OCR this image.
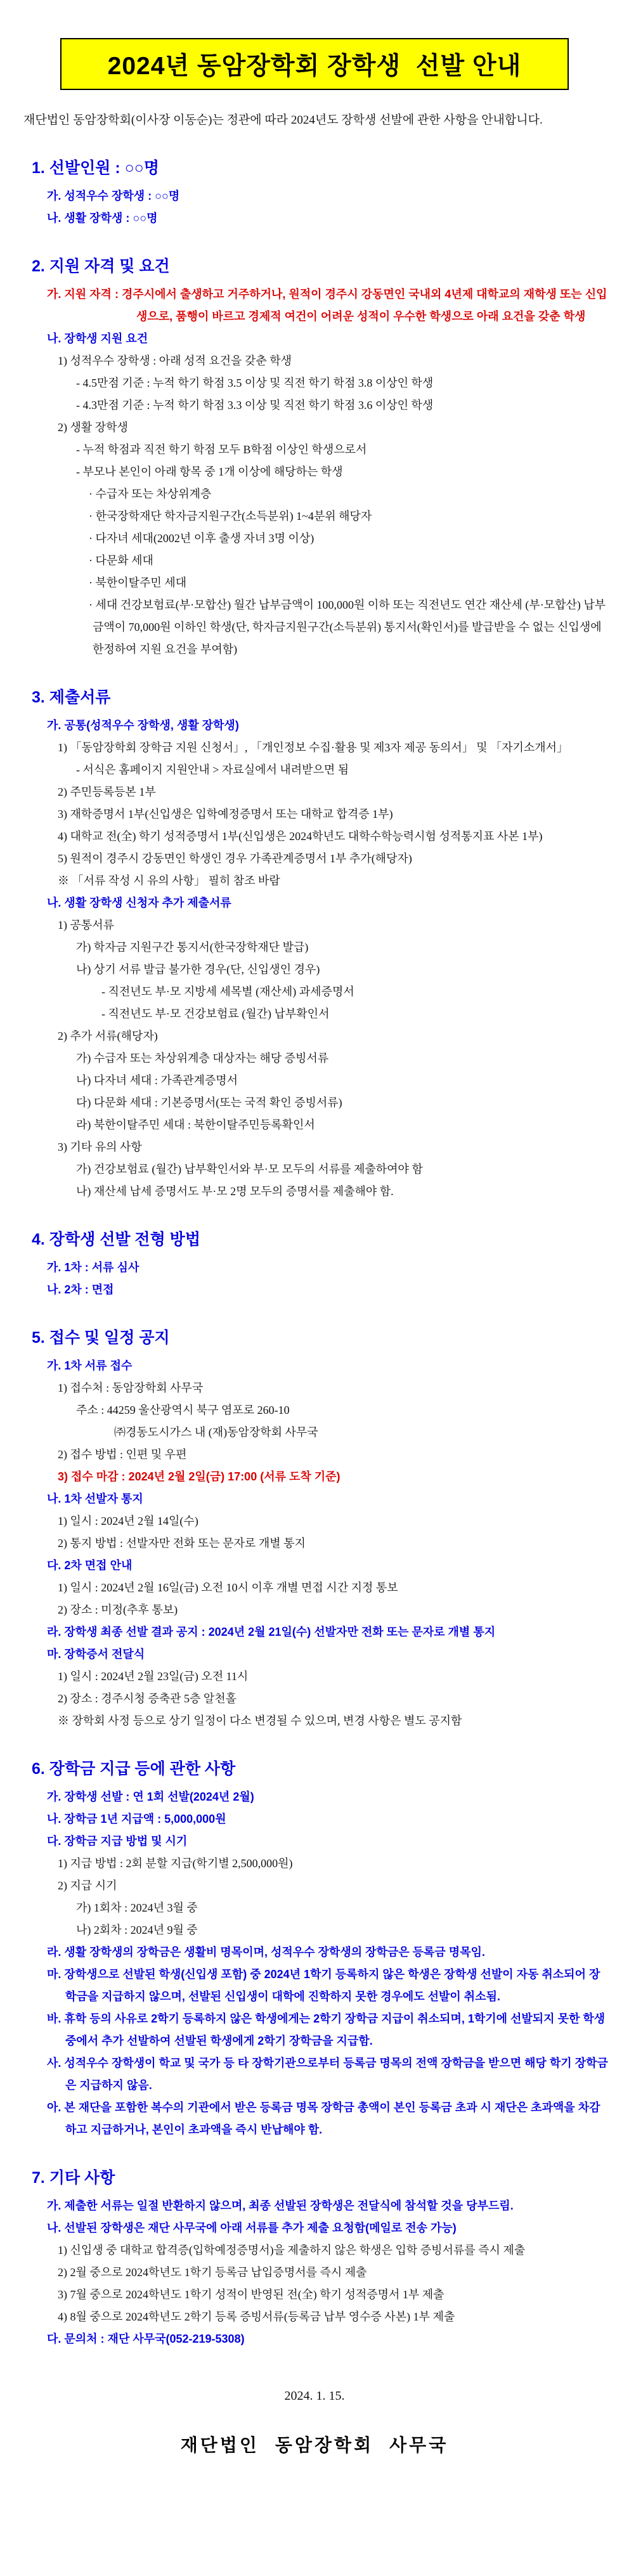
2024년 동암장학회 장학생  선발 안내

재단법인 동암장학회(이사장 이동순)는 정관에 따라 2024년도 장학생 선발에 관한 사항을 안내합니다.

1. 선발인원 : ○○명
가. 성적우수 장학생 : ○○명
나. 생활 장학생 : ○○명
2. 지원 자격 및 요건
가. 지원 자격 : 경주시에서 출생하고 거주하거나, 원적이 경주시 강동면인 국내외 4년제 대학교의 재학생 또는 신입생으로, 품행이 바르고 경제적 여건이 어려운 성적이 우수한 학생으로 아래 요건을 갖춘 학생
나. 장학생 지원 요건
1) 성적우수 장학생 : 아래 성적 요건을 갖춘 학생
- 4.5만점 기준 : 누적 학기 학점 3.5 이상 및 직전 학기 학점 3.8 이상인 학생
- 4.3만점 기준 : 누적 학기 학점 3.3 이상 및 직전 학기 학점 3.6 이상인 학생
2) 생활 장학생
- 누적 학점과 직전 학기 학점 모두 B학점 이상인 학생으로서
- 부모나 본인이 아래 항목 중 1개 이상에 해당하는 학생
· 수급자 또는 차상위계층
· 한국장학재단 학자금지원구간(소득분위) 1~4분위 해당자
· 다자녀 세대(2002년 이후 출생 자녀 3명 이상)
· 다문화 세대
· 북한이탈주민 세대
· 세대 건강보험료(부·모합산) 월간 납부금액이 100,000원 이하 또는 직전년도 연간 재산세 (부·모합산) 납부 금액이 70,000원 이하인 학생(단, 학자금지원구간(소득분위) 통지서(확인서)를 발급받을 수 없는 신입생에 한정하여 지원 요건을 부여함)
3. 제출서류
가. 공통(성적우수 장학생, 생활 장학생)
1) 「동암장학회 장학금 지원 신청서」, 「개인정보 수집·활용 및 제3자 제공 동의서」 및 「자기소개서」
- 서식은 홈페이지 지원안내 > 자료실에서 내려받으면 됨
2) 주민등록등본 1부
3) 재학증명서 1부(신입생은 입학예정증명서 또는 대학교 합격증 1부)
4) 대학교 전(全) 학기 성적증명서 1부(신입생은 2024학년도 대학수학능력시험 성적통지표 사본 1부)
5) 원적이 경주시 강동면인 학생인 경우 가족관계증명서 1부 추가(해당자)
※ 「서류 작성 시 유의 사항」 필히 참조 바람
나. 생활 장학생 신청자 추가 제출서류
1) 공통서류
가) 학자금 지원구간 통지서(한국장학재단 발급)
나) 상기 서류 발급 불가한 경우(단, 신입생인 경우)
- 직전년도 부·모 지방세 세목별 (재산세) 과세증명서
- 직전년도 부·모 건강보험료 (월간) 납부확인서
2) 추가 서류(해당자)
가) 수급자 또는 차상위계층 대상자는 해당 증빙서류
나) 다자녀 세대 : 가족관계증명서
다) 다문화 세대 : 기본증명서(또는 국적 확인 증빙서류)
라) 북한이탈주민 세대 : 북한이탈주민등록확인서
3) 기타 유의 사항
가) 건강보험료 (월간) 납부확인서와 부·모 모두의 서류를 제출하여야 함
나) 재산세 납세 증명서도 부·모 2명 모두의 증명서를 제출해야 함.
4. 장학생 선발 전형 방법
가. 1차 : 서류 심사
나. 2차 : 면접
5. 접수 및 일정 공지
가. 1차 서류 접수
1) 접수처 : 동암장학회 사무국
주소 : 44259 울산광역시 북구 염포로 260-10
㈜경동도시가스 내 (재)동암장학회 사무국
2) 접수 방법 : 인편 및 우편
3) 접수 마감 : 2024년 2월 2일(금) 17:00 (서류 도착 기준)
나. 1차 선발자 통지
1) 일시 : 2024년 2월 14일(수)
2) 통지 방법 : 선발자만 전화 또는 문자로 개별 통지
다. 2차 면접 안내
1) 일시 : 2024년 2월 16일(금) 오전 10시 이후 개별 면접 시간 지정 통보
2) 장소 : 미정(추후 통보)
라. 장학생 최종 선발 결과 공지 : 2024년 2월 21일(수) 선발자만 전화 또는 문자로 개별 통지
마. 장학증서 전달식
1) 일시 : 2024년 2월 23일(금) 오전 11시
2) 장소 : 경주시청 증축관 5층 알천홀
※ 장학회 사정 등으로 상기 일정이 다소 변경될 수 있으며, 변경 사항은 별도 공지함
6. 장학금 지급 등에 관한 사항
가. 장학생 선발 : 연 1회 선발(2024년 2월)
나. 장학금 1년 지급액 : 5,000,000원
다. 장학금 지급 방법 및 시기
1) 지급 방법 : 2회 분할 지급(학기별 2,500,000원)
2) 지급 시기
가) 1회차 : 2024년 3월 중
나) 2회차 : 2024년 9월 중
라. 생활 장학생의 장학금은 생활비 명목이며, 성적우수 장학생의 장학금은 등록금 명목임.
마. 장학생으로 선발된 학생(신입생 포함) 중 2024년 1학기 등록하지 않은 학생은 장학생 선발이 자동 취소되어 장학금을 지급하지 않으며, 선발된 신입생이 대학에 진학하지 못한 경우에도 선발이 취소됨.
바. 휴학 등의 사유로 2학기 등록하지 않은 학생에게는 2학기 장학금 지급이 취소되며, 1학기에 선발되지 못한 학생 중에서 추가 선발하여 선발된 학생에게 2학기 장학금을 지급함.
사. 성적우수 장학생이 학교 및 국가 등 타 장학기관으로부터 등록금 명목의 전액 장학금을 받으면 해당 학기 장학금은 지급하지 않음.
아. 본 재단을 포함한 복수의 기관에서 받은 등록금 명목 장학금 총액이 본인 등록금 초과 시 재단은 초과액을 차감하고 지급하거나, 본인이 초과액을 즉시 반납해야 함.
7. 기타 사항
가. 제출한 서류는 일절 반환하지 않으며, 최종 선발된 장학생은 전달식에 참석할 것을 당부드림.
나. 선발된 장학생은 재단 사무국에 아래 서류를 추가 제출 요청함(메일로 전송 가능)
1) 신입생 중 대학교 합격증(입학예정증명서)을 제출하지 않은 학생은 입학 증빙서류를 즉시 제출
2) 2월 중으로 2024학년도 1학기 등록금 납입증명서를 즉시 제출
3) 7월 중으로 2024학년도 1학기 성적이 반영된 전(全) 학기 성적증명서 1부 제출
4) 8월 중으로 2024학년도 2학기 등록 증빙서류(등록금 납부 영수증 사본) 1부 제출
다. 문의처 : 재단 사무국(052-219-5308)
2024. 1. 15.
재단법인 동암장학회 사무국
